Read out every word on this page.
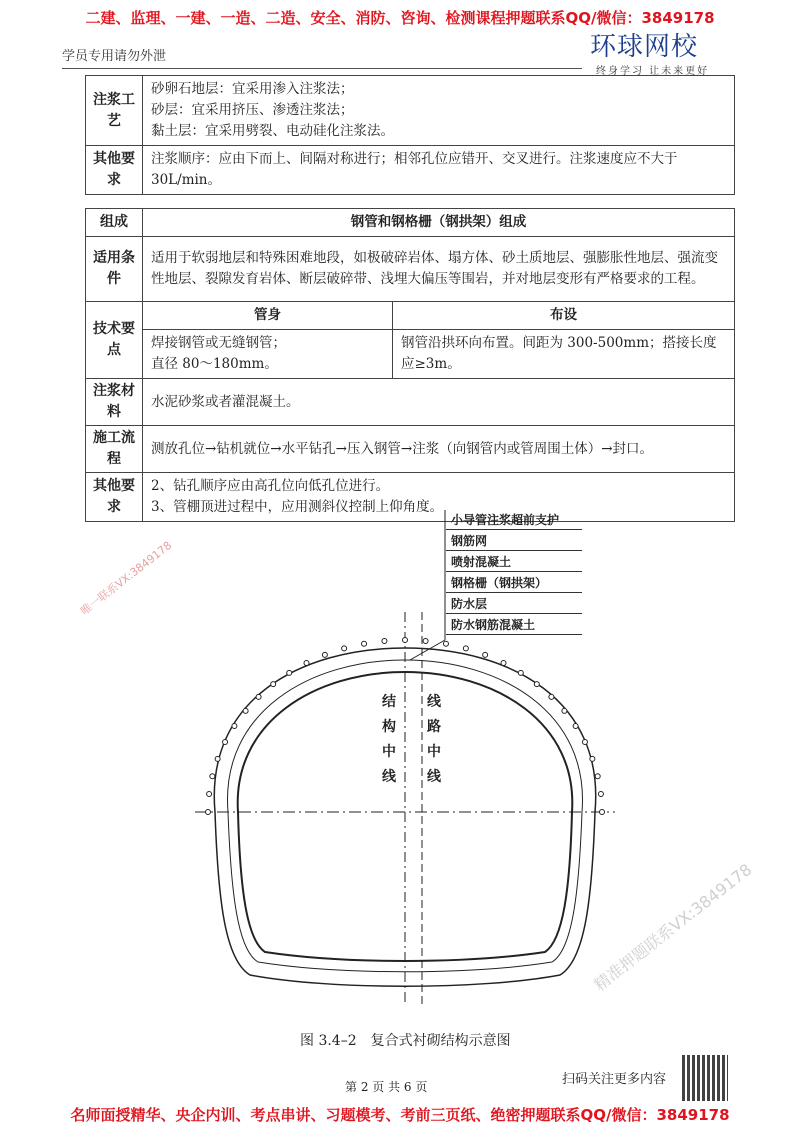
二建、监理、一建、一造、二造、安全、消防、咨询、检测课程押题联系QQ/微信：3849178
学员专用请勿外泄	环球网校
终身学习 让未来更好
注浆工艺	砂卵石地层：宜采用渗入注浆法；
砂层：宜采用挤压、渗透注浆法；
黏土层：宜采用劈裂、电动硅化注浆法。

其他要求	注浆顺序：应由下而上、间隔对称进行；相邻孔位应错开、交叉进行。注浆速度应不大于30L/min。
组成	钢管和钢格栅（钢拱架）组成	
适用条件	适用于软弱地层和特殊困难地段，如极破碎岩体、塌方体、砂土质地层、强膨胀性地层、强流变性地层、裂隙发育岩体、断层破碎带、浅埋大偏压等围岩，并对地层变形有严格要求的工程。	
技术要点	管身	布设

	焊接钢管或无缝钢管；
直径 80～180mm。	钢管沿拱环向布置。间距为 300-500mm；搭接长度应≥3m。
注浆材料	水泥砂浆或者灌混凝土。	
施工流程	测放孔位→钻机就位→水平钻孔→压入钢管→注浆（向钢管内或管周围土体）→封口。	
其他要求	2、钻孔顺序应由高孔位向低孔位进行。
3、管棚顶进过程中，应用测斜仪控制上仰角度。	
小导管注浆超前支护
钢筋网
喷射混凝土
钢格栅（钢拱架）
防水层
防水钢筋混凝土
结构中线
线路中线
图 3.4–2　复合式衬砌结构示意图
第 2 页 共 6 页	扫码关注更多内容
唯一联系VX:3849178
精准押题联系VX:3849178
名师面授精华、央企内训、考点串讲、习题模考、考前三页纸、绝密押题联系QQ/微信：3849178
